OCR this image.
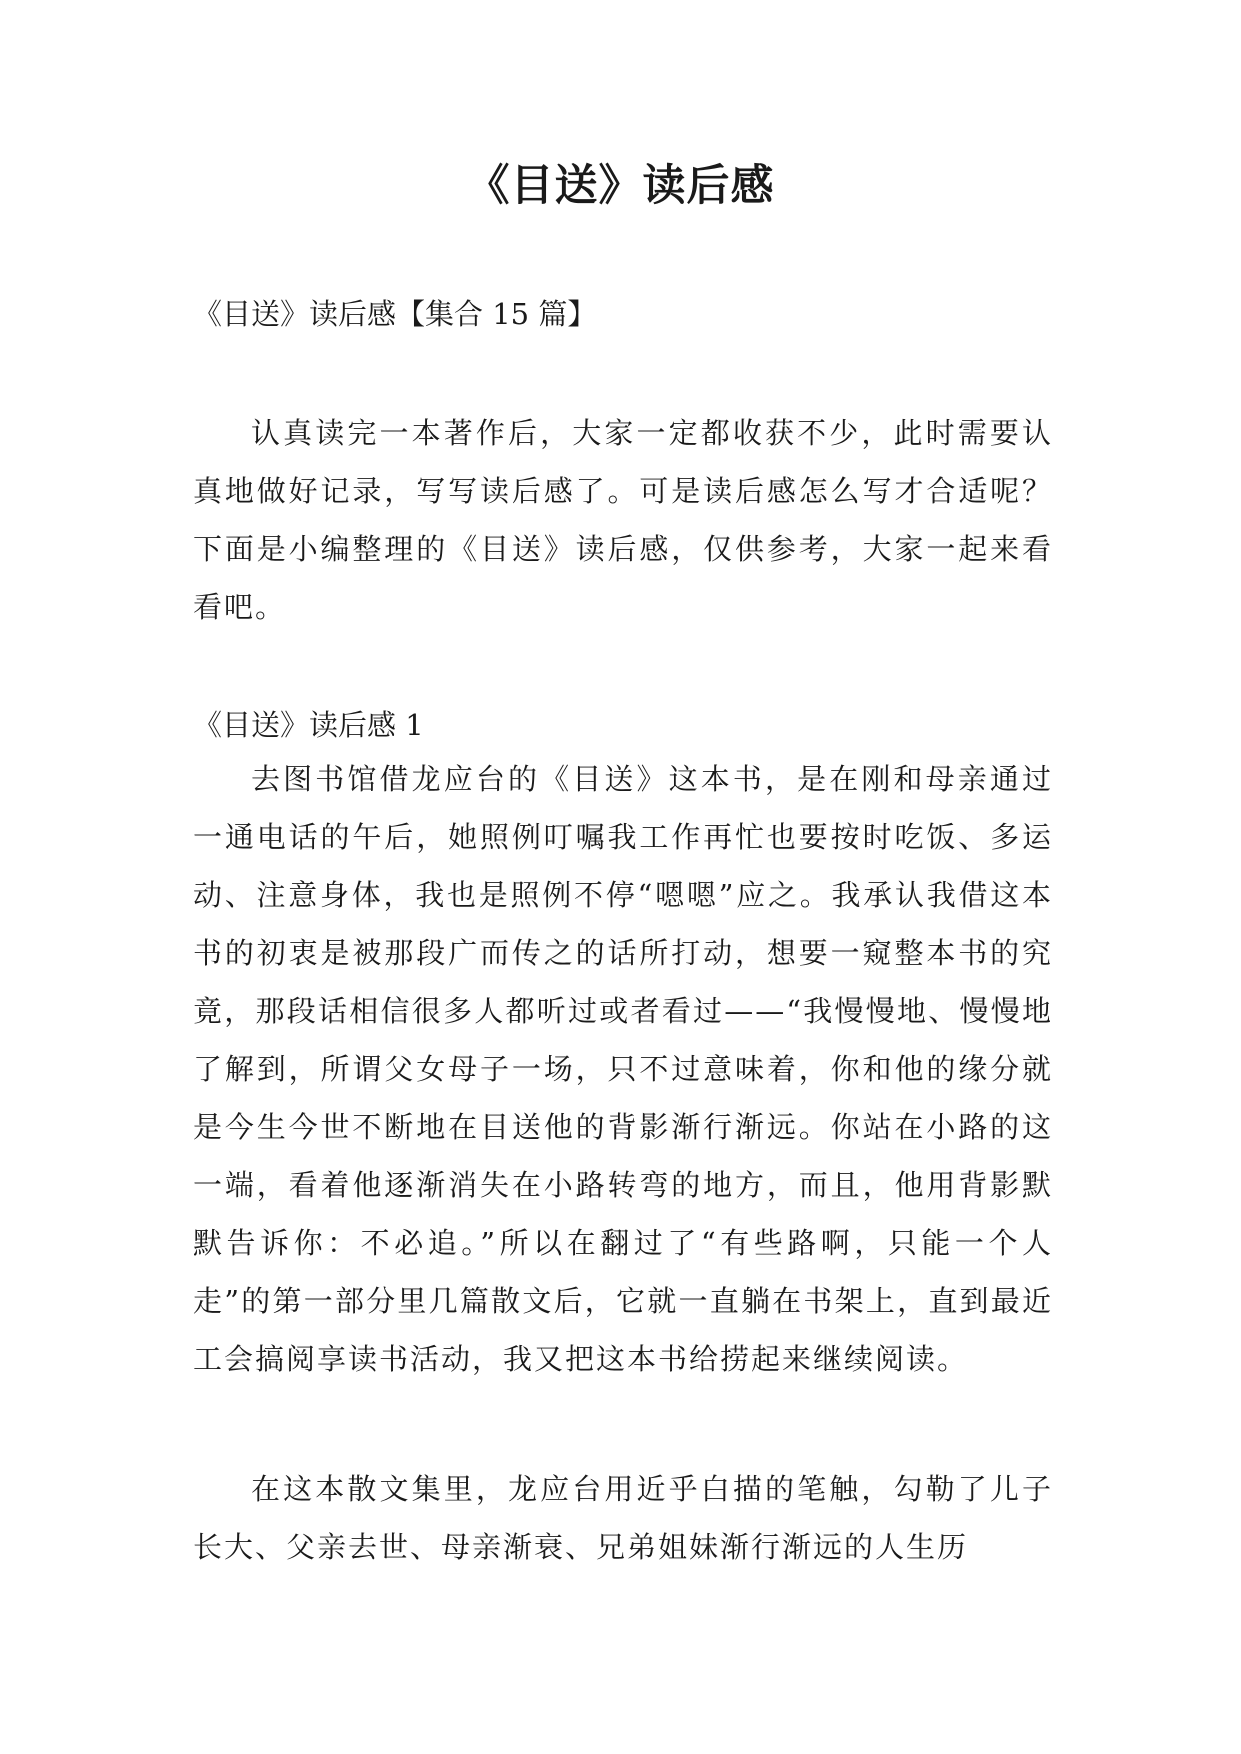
《目送》读后感

《目送》读后感【集合 15 篇】

认真读完一本著作后，大家一定都收获不少，此时需要认真地做好记录，写写读后感了。可是读后感怎么写才合适呢？下面是小编整理的《目送》读后感，仅供参考，大家一起来看看吧。

《目送》读后感 1

去图书馆借龙应台的《目送》这本书，是在刚和母亲通过一通电话的午后，她照例叮嘱我工作再忙也要按时吃饭、多运动、注意身体，我也是照例不停“嗯嗯”应之。我承认我借这本书的初衷是被那段广而传之的话所打动，想要一窥整本书的究竟，那段话相信很多人都听过或者看过——“我慢慢地、慢慢地了解到，所谓父女母子一场，只不过意味着，你和他的缘分就是今生今世不断地在目送他的背影渐行渐远。你站在小路的这一端，看着他逐渐消失在小路转弯的地方，而且，他用背影默默告诉你：不必追。”所以在翻过了“有些路啊，只能一个人走”的第一部分里几篇散文后，它就一直躺在书架上，直到最近工会搞阅享读书活动，我又把这本书给捞起来继续阅读。

在这本散文集里，龙应台用近乎白描的笔触，勾勒了儿子长大、父亲去世、母亲渐衰、兄弟姐妹渐行渐远的人生历
